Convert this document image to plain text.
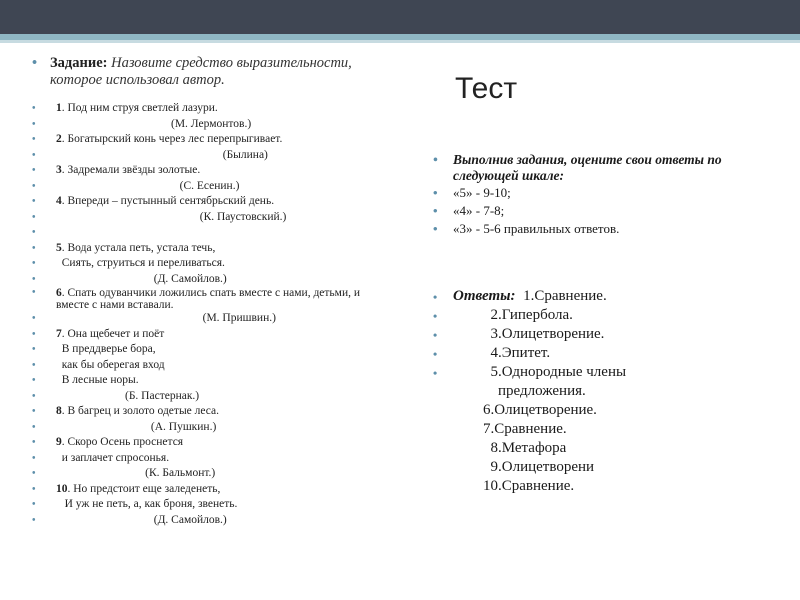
• Задание: Назовите средство выразительности, которое использовал автор.
• 1. Под ним струя светлей лазури.
• (М. Лермонтов.)
• 2. Богатырский конь через лес перепрыгивает.
• (Былина)
• 3. Задремали звёзды золотые.
• (С. Есенин.)
• 4. Впереди – пустынный сентябрьский день.
• (К. Паустовский.)
•
• 5. Вода устала петь, устала течь,
• Сиять, струиться и переливаться.
• (Д. Самойлов.)
• 6. Спать одуванчики ложились спать вместе с нами, детьми, и вместе с нами вставали.
• (М. Пришвин.)
• 7. Она щебечет и поёт
• В преддверье бора,
• как бы оберегая вход
• В лесные норы.
• (Б. Пастернак.)
• 8. В багрец и золото одетые леса.
• (А. Пушкин.)
• 9. Скоро Осень проснется
• и заплачет спросонья.
• (К. Бальмонт.)
• 10. Но предстоит еще заледенеть,
• И уж не петь, а, как броня, звенеть.
• (Д. Самойлов.)
Тест
• Выполнив задания, оцените свои ответы по следующей шкале:
• «5» - 9-10;
• «4» - 7-8;
• «3» - 5-6 правильных ответов.
• Ответы:  1.Сравнение.
• 2.Гипербола.
• 3.Олицетворение.
• 4.Эпитет.
• 5.Однородные члены
предложения.
6.Олицетворение.
7.Сравнение.
8.Метафора
9.Олицетворени
10.Сравнение.
